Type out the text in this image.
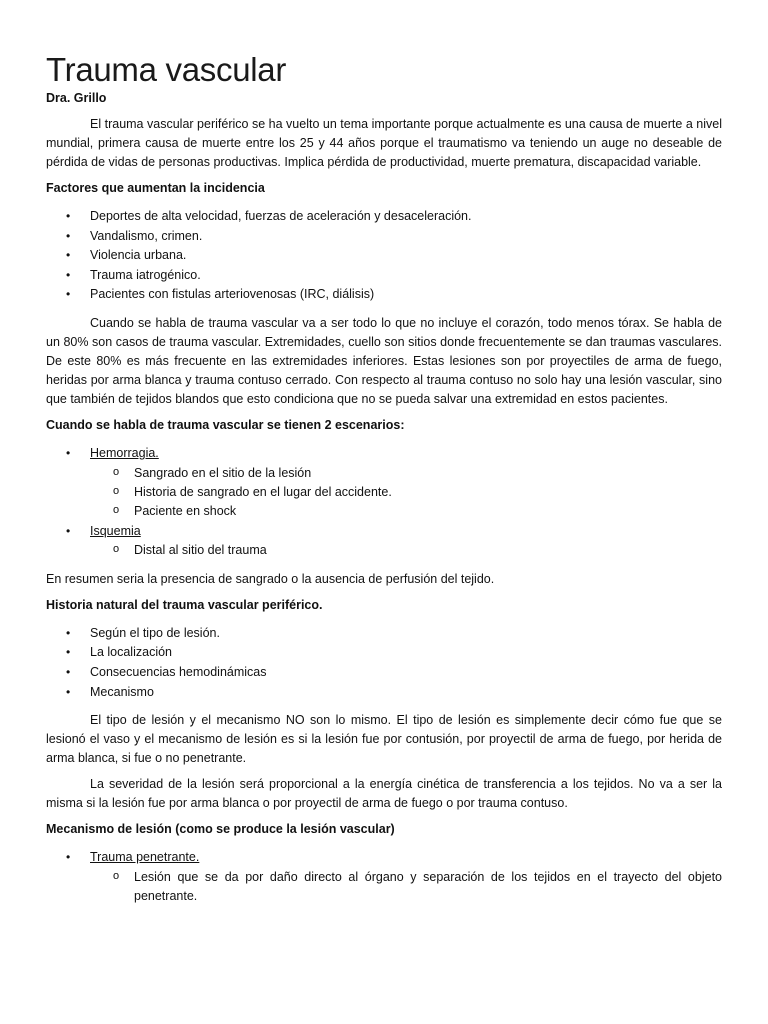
Trauma vascular
Dra. Grillo

El trauma vascular periférico se ha vuelto un tema importante porque actualmente es una causa de muerte a nivel mundial, primera causa de muerte entre los 25 y 44 años porque el traumatismo va teniendo un auge no deseable de pérdida de vidas de personas productivas. Implica pérdida de productividad, muerte prematura, discapacidad variable.

Factores que aumentan la incidencia
• Deportes de alta velocidad, fuerzas de aceleración y desaceleración.
• Vandalismo, crimen.
• Violencia urbana.
• Trauma iatrogénico.
• Pacientes con fistulas arteriovenosas (IRC, diálisis)

Cuando se habla de trauma vascular va a ser todo lo que no incluye el corazón, todo menos tórax. Se habla de un 80% son casos de trauma vascular. Extremidades, cuello son sitios donde frecuentemente se dan traumas vasculares. De este 80% es más frecuente en las extremidades inferiores. Estas lesiones son por proyectiles de arma de fuego, heridas por arma blanca y trauma contuso cerrado. Con respecto al trauma contuso no solo hay una lesión vascular, sino que también de tejidos blandos que esto condiciona que no se pueda salvar una extremidad en estos pacientes.

Cuando se habla de trauma vascular se tienen 2 escenarios:
• Hemorragia.
o Sangrado en el sitio de la lesión
o Historia de sangrado en el lugar del accidente.
o Paciente en shock
• Isquemia
o Distal al sitio del trauma

En resumen seria la presencia de sangrado o la ausencia de perfusión del tejido.

Historia natural del trauma vascular periférico.
• Según el tipo de lesión.
• La localización
• Consecuencias hemodinámicas
• Mecanismo

El tipo de lesión y el mecanismo NO son lo mismo. El tipo de lesión es simplemente decir cómo fue que se lesionó el vaso y el mecanismo de lesión es si la lesión fue por contusión, por proyectil de arma de fuego, por herida de arma blanca, si fue o no penetrante.

La severidad de la lesión será proporcional a la energía cinética de transferencia a los tejidos. No va a ser la misma si la lesión fue por arma blanca o por proyectil de arma de fuego o por trauma contuso.

Mecanismo de lesión (como se produce la lesión vascular)
• Trauma penetrante.
o Lesión que se da por daño directo al órgano y separación de los tejidos en el trayecto del objeto penetrante.
